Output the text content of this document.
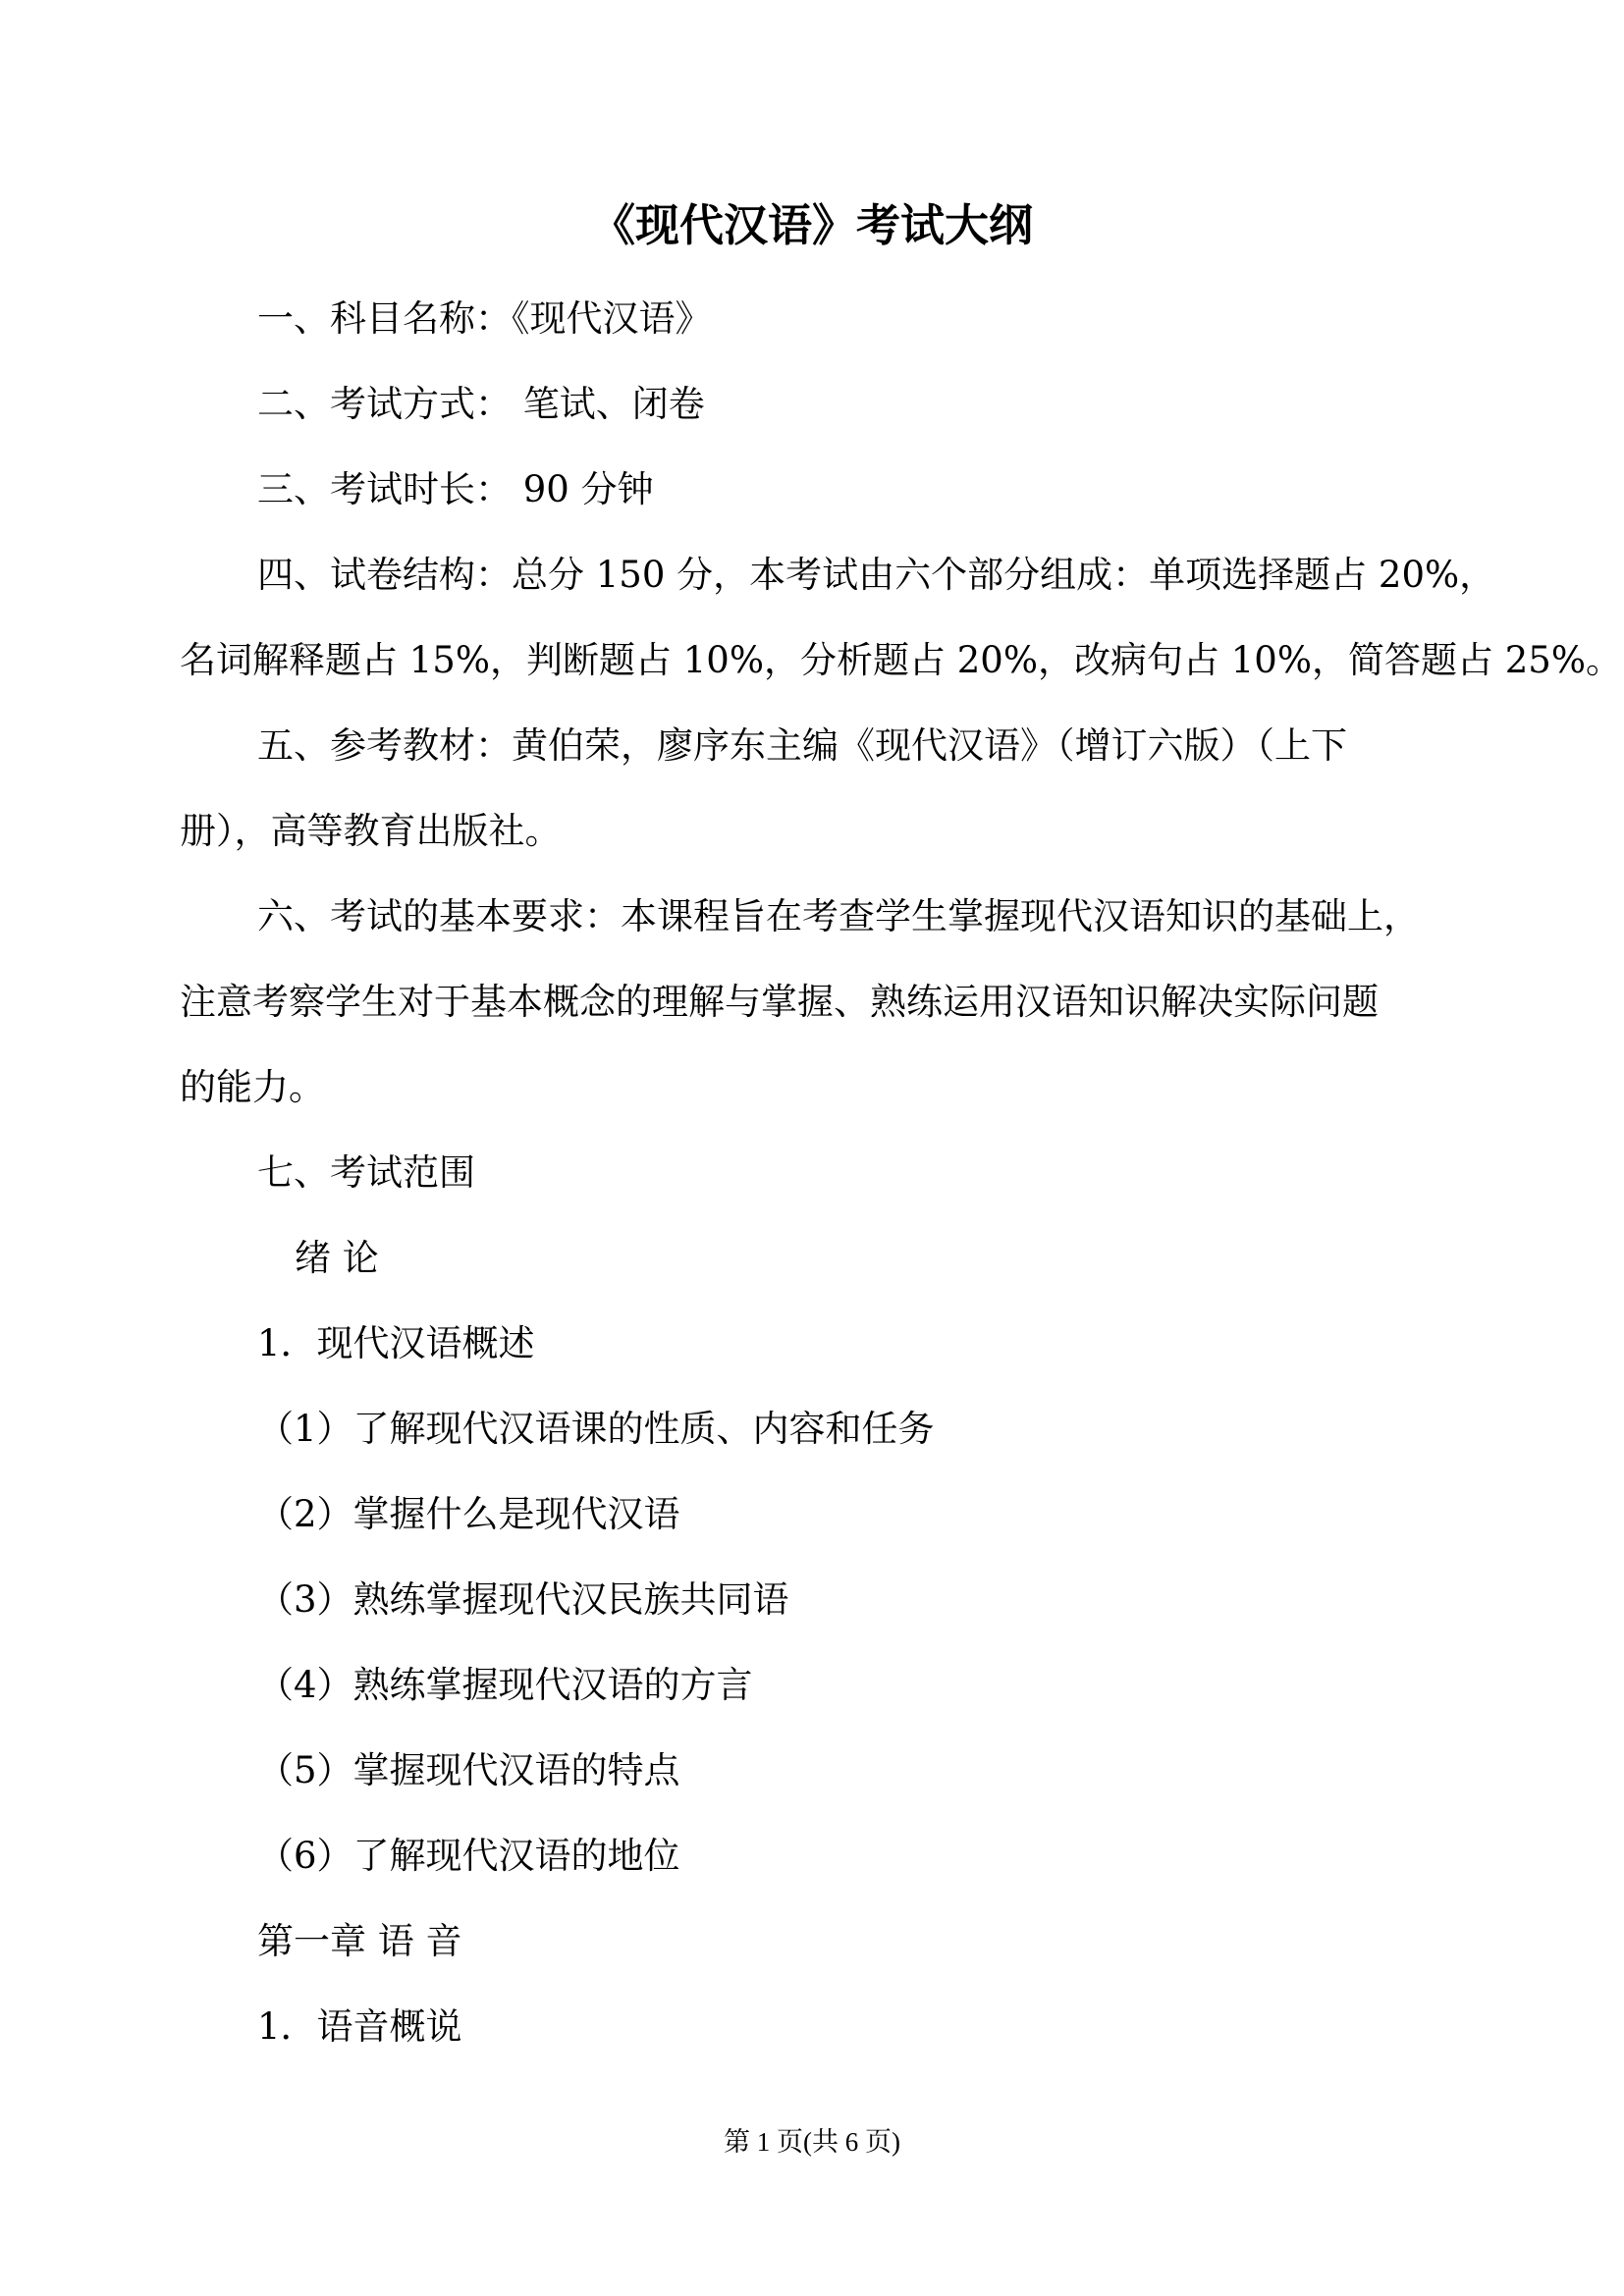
《现代汉语》考试大纲
一、科目名称：《现代汉语》
二、考试方式： 笔试、闭卷
三、考试时长： 90 分钟
四、试卷结构：总分 150 分，本考试由六个部分组成：单项选择题占 20%，
名词解释题占 15%，判断题占 10%，分析题占 20%，改病句占 10%，简答题占 25%。
五、参考教材：黄伯荣，廖序东主编《现代汉语》（增订六版）（上下
册），高等教育出版社。
六、考试的基本要求：本课程旨在考查学生掌握现代汉语知识的基础上，
注意考察学生对于基本概念的理解与掌握、熟练运用汉语知识解决实际问题
的能力。
七、考试范围
绪 论
1．现代汉语概述
（1）了解现代汉语课的性质、内容和任务
（2）掌握什么是现代汉语
（3）熟练掌握现代汉民族共同语
（4）熟练掌握现代汉语的方言
（5）掌握现代汉语的特点
（6）了解现代汉语的地位
第一章 语 音
1．语音概说
第 1 页(共 6 页)
